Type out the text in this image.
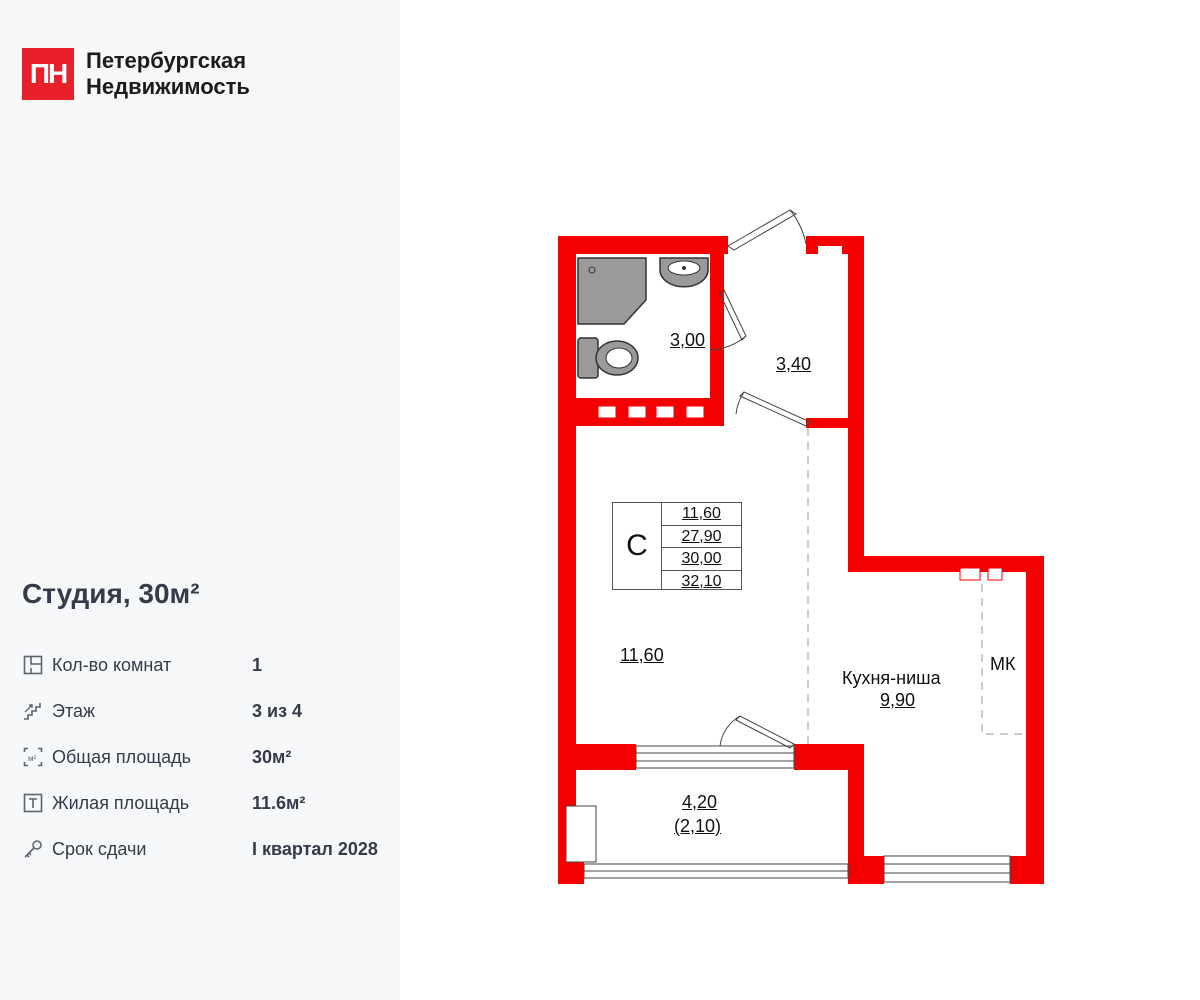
ПН Петербургская
Недвижимость
Студия, 30м²
Кол-во комнат	1
Этаж	3 из 4
м² Общая площадь	30м²
Жилая площадь	11.6м²
Срок сдачи	I квартал 2028
3,00
3,40
11,60
Кухня-ниша
9,90
МК
4,20
(2,10)
С
11,60
27,90
30,00
32,10
